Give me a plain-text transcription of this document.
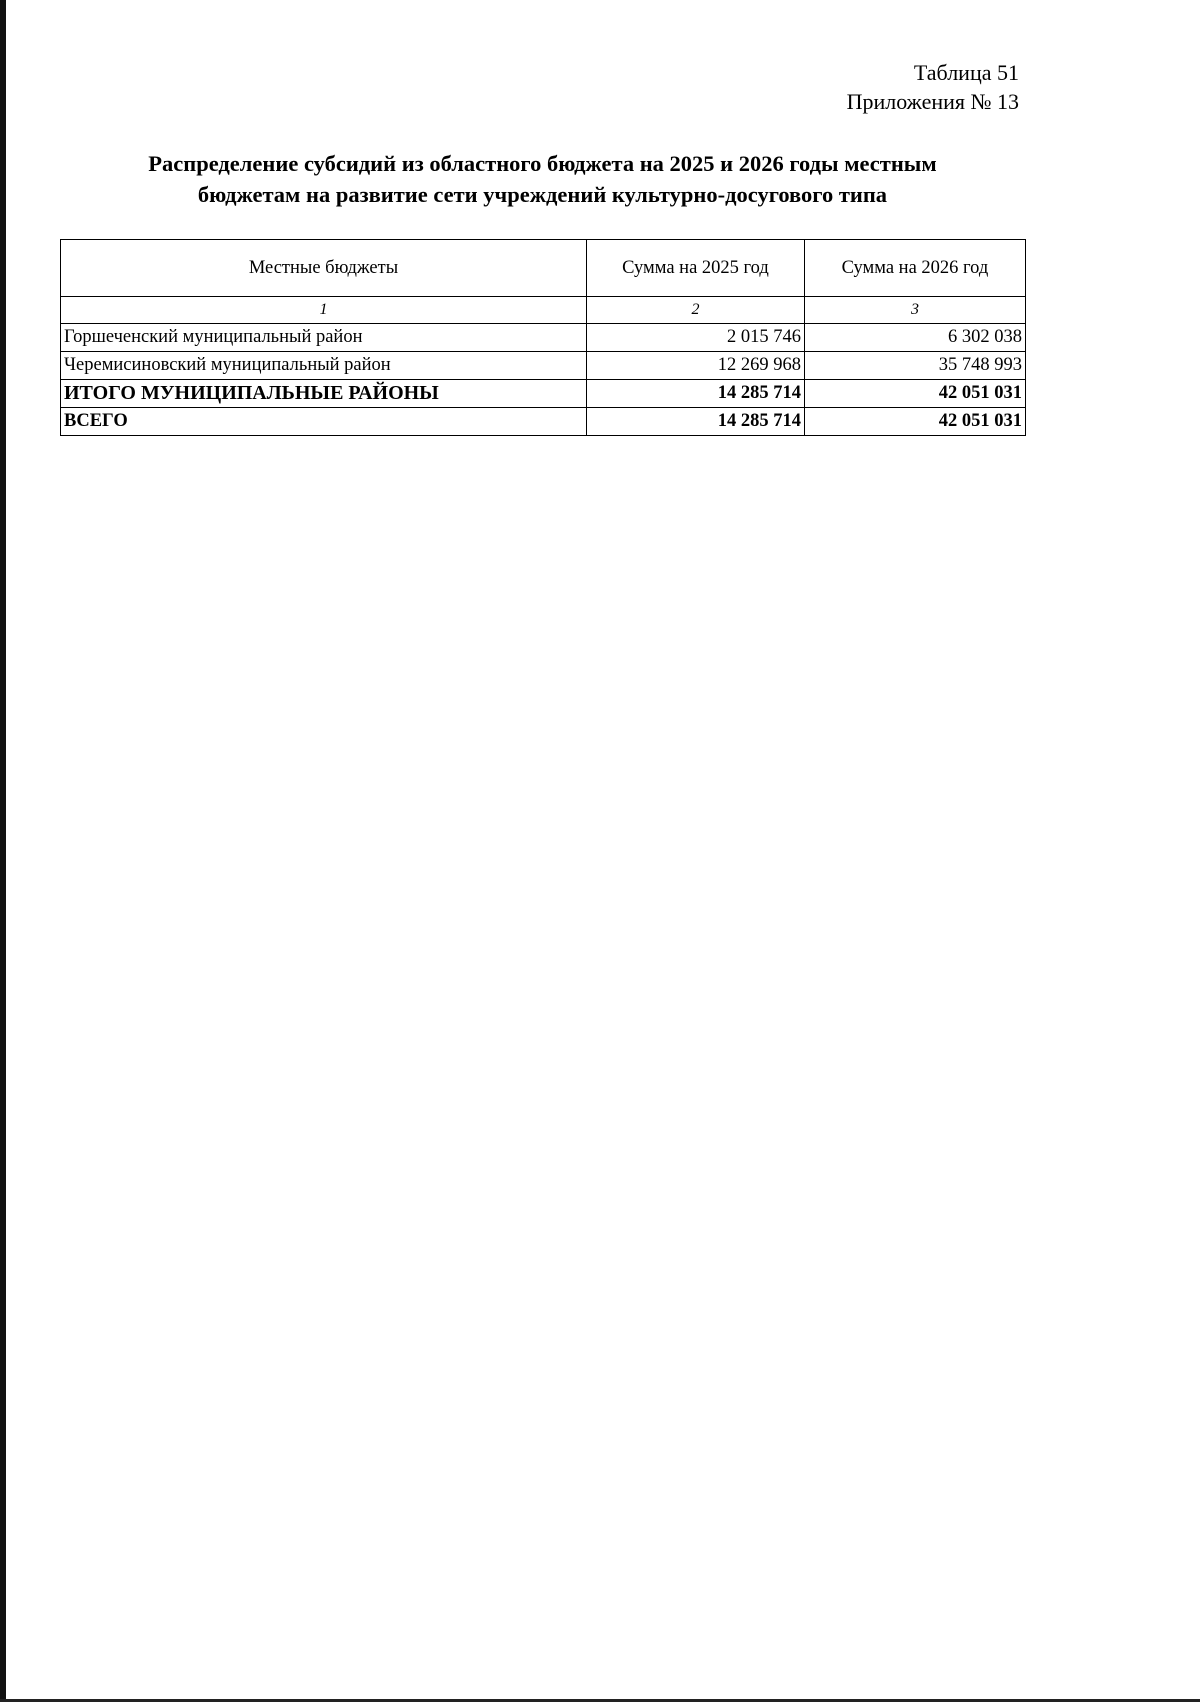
Таблица 51
Приложения № 13
Распределение субсидий из областного бюджета на 2025 и 2026 годы местным
бюджетам на развитие сети учреждений культурно-досугового типа
Местные бюджеты	Сумма на 2025 год	Сумма на 2026 год
1	2	3
Горшеченский муниципальный район	2 015 746	6 302 038
Черемисиновский муниципальный район	12 269 968	35 748 993
ИТОГО МУНИЦИПАЛЬНЫЕ РАЙОНЫ	14 285 714	42 051 031
ВСЕГО	14 285 714	42 051 031
